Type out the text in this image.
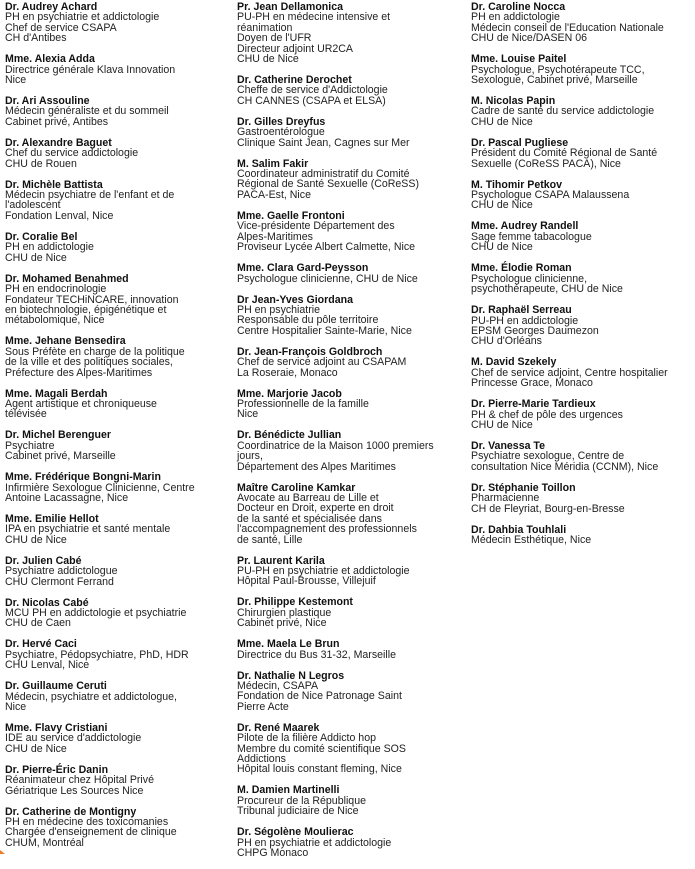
Dr. Audrey Achard
PH en psychiatrie et addictologie
Chef de service CSAPA
CH d'Antibes
Mme. Alexia Adda
Directrice générale Klava Innovation
Nice
Dr. Ari Assouline
Médecin généraliste et du sommeil
Cabinet privé, Antibes
Dr. Alexandre Baguet
Chef du service addictologie
CHU de Rouen
Dr. Michèle Battista
Médecin psychiatre de l'enfant et de
l'adolescent
Fondation Lenval, Nice
Dr. Coralie Bel
PH en addictologie
CHU de Nice
Dr. Mohamed Benahmed
PH en endocrinologie
Fondateur TECHiNCARE, innovation
en biotechnologie, épigénétique et
métabolomique, Nice
Mme. Jehane Bensedira
Sous Préfète en charge de la politique
de la ville et des politiques sociales,
Préfecture des Alpes-Maritimes
Mme. Magali Berdah
Agent artistique et chroniqueuse
télévisée
Dr. Michel Berenguer
Psychiatre
Cabinet privé, Marseille
Mme. Frédérique Bongni-Marin
Infirmière Sexologue Clinicienne, Centre
Antoine Lacassagne, Nice
Mme. Emilie Hellot
IPA en psychiatrie et santé mentale
CHU de Nice
Dr. Julien Cabé
Psychiatre addictologue
CHU Clermont Ferrand
Dr. Nicolas Cabé
MCU PH en addictologie et psychiatrie
CHU de Caen
Dr. Hervé Caci
Psychiatre, Pédopsychiatre, PhD, HDR
CHU Lenval, Nice
Dr. Guillaume Ceruti
Médecin, psychiatre et addictologue,
Nice
Mme. Flavy Cristiani
IDE au service d'addictologie
CHU de Nice
Dr. Pierre-Éric Danin
Réanimateur chez Hôpital Privé
Gériatrique Les Sources Nice
Dr. Catherine de Montigny
PH en médecine des toxicomanies
Chargée d'enseignement de clinique
CHUM, Montréal
Pr. Jean Dellamonica
PU-PH en médecine intensive et
réanimation
Doyen de l'UFR
Directeur adjoint UR2CA
CHU de Nice
Dr. Catherine Derochet
Cheffe de service d'Addictologie
CH CANNES (CSAPA et ELSA)
Dr. Gilles Dreyfus
Gastroentérologue
Clinique Saint Jean, Cagnes sur Mer
M. Salim Fakir
Coordinateur administratif du Comité
Régional de Santé Sexuelle (CoReSS)
PACA-Est, Nice
Mme. Gaelle Frontoni
Vice-présidente Département des
Alpes-Maritimes
Proviseur Lycée Albert Calmette, Nice
Mme. Clara Gard-Peysson
Psychologue clinicienne, CHU de Nice
Dr Jean-Yves Giordana
PH en psychiatrie
Responsable du pôle territoire
Centre Hospitalier Sainte-Marie, Nice
Dr. Jean-François Goldbroch
Chef de service adjoint au CSAPAM
La Roseraie, Monaco
Mme. Marjorie Jacob
Professionnelle de la famille
Nice
Dr. Bénédicte Jullian
Coordinatrice de la Maison 1000 premiers
jours,
Département des Alpes Maritimes
Maître Caroline Kamkar
Avocate au Barreau de Lille et
Docteur en Droit, experte en droit
de la santé et spécialisée dans
l'accompagnement des professionnels
de santé, Lille
Pr. Laurent Karila
PU-PH en psychiatrie et addictologie
Hôpital Paul-Brousse, Villejuif
Dr. Philippe Kestemont
Chirurgien plastique
Cabinet privé, Nice
Mme. Maela Le Brun
Directrice du Bus 31-32, Marseille
Dr. Nathalie N Legros
Médecin, CSAPA
Fondation de Nice Patronage Saint
Pierre Acte
Dr. René Maarek
Pilote de la filière Addicto hop
Membre du comité scientifique SOS
Addictions
Hôpital louis constant fleming, Nice
M. Damien Martinelli
Procureur de la République
Tribunal judiciaire de Nice
Dr. Ségolène Moulierac
PH en psychiatrie et addictologie
CHPG Monaco
Dr. Caroline Nocca
PH en addictologie
Médecin conseil de l'Education Nationale
CHU de Nice/DASEN 06
Mme. Louise Paitel
Psychologue, Psychotérapeute TCC,
Sexologue, Cabinet privé, Marseille
M. Nicolas Papin
Cadre de santé du service addictologie
CHU de Nice
Dr. Pascal Pugliese
Président du Comité Régional de Santé
Sexuelle (CoReSS PACA), Nice
M. Tihomir Petkov
Psychologue CSAPA Malaussena
CHU de Nice
Mme. Audrey Randell
Sage femme tabacologue
CHU de Nice
Mme. Élodie Roman
Psychologue clinicienne,
psychothérapeute, CHU de Nice
Dr. Raphaël Serreau
PU-PH en addictologie
EPSM Georges Daumezon
CHU d'Orléans
M. David Szekely
Chef de service adjoint, Centre hospitalier
Princesse Grace, Monaco
Dr. Pierre-Marie Tardieux
PH & chef de pôle des urgences
CHU de Nice
Dr. Vanessa Te
Psychiatre sexologue, Centre de
consultation Nice Méridia (CCNM), Nice
Dr. Stéphanie Toillon
Pharmacienne
CH de Fleyriat, Bourg-en-Bresse
Dr. Dahbia Touhlali
Médecin Esthétique, Nice
